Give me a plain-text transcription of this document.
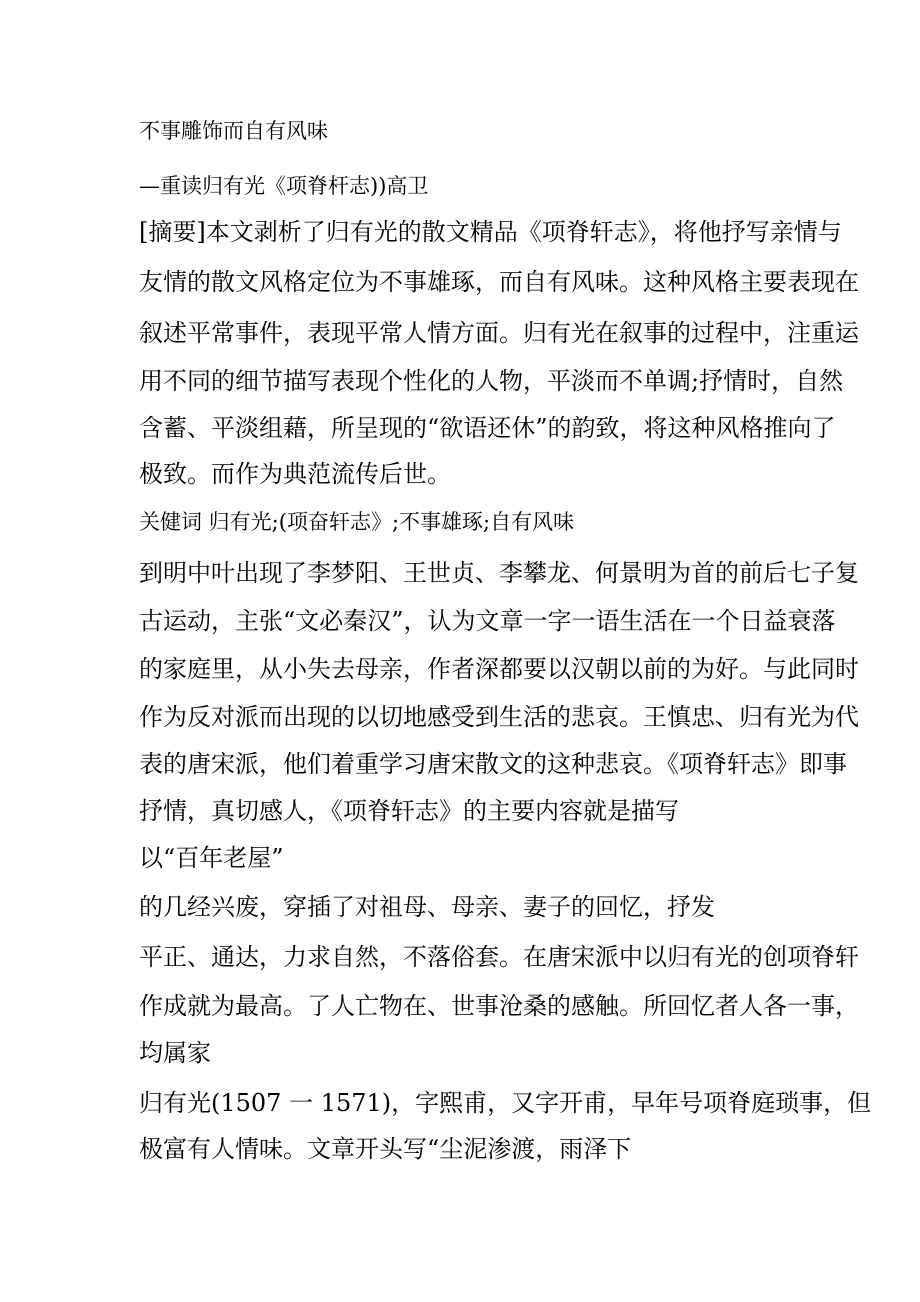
不事雕饰而自有风味
—重读归有光《项脊杆志))高卫
[摘要]本文剥析了归有光的散文精品《项脊轩志》，将他抒写亲情与
友情的散文风格定位为不事雄琢，而自有风味。这种风格主要表现在
叙述平常事件，表现平常人情方面。归有光在叙事的过程中，注重运
用不同的细节描写表现个性化的人物，平淡而不单调;抒情时，自然
含蓄、平淡组藉，所呈现的“欲语还休”的韵致，将这种风格推向了
极致。而作为典范流传后世。
关健词 归有光;(项奋轩志》;不事雄琢;自有风味
到明中叶出现了李梦阳、王世贞、李攀龙、何景明为首的前后七子复
古运动，主张“文必秦汉”，认为文章一字一语生活在一个日益衰落
的家庭里，从小失去母亲，作者深都要以汉朝以前的为好。与此同时
作为反对派而出现的以切地感受到生活的悲哀。王慎忠、归有光为代
表的唐宋派，他们着重学习唐宋散文的这种悲哀。《项脊轩志》即事
抒情，真切感人，《项脊轩志》的主要内容就是描写
以“百年老屋”
的几经兴废，穿插了对祖母、母亲、妻子的回忆，抒发
平正、通达，力求自然，不落俗套。在唐宋派中以归有光的创项脊轩
作成就为最高。了人亡物在、世事沧桑的感触。所回忆者人各一事，
均属家
归有光(1507 一 1571)，字熙甫，又字开甫，早年号项脊庭琐事，但
极富有人情味。文章开头写“尘泥渗渡，雨泽下
